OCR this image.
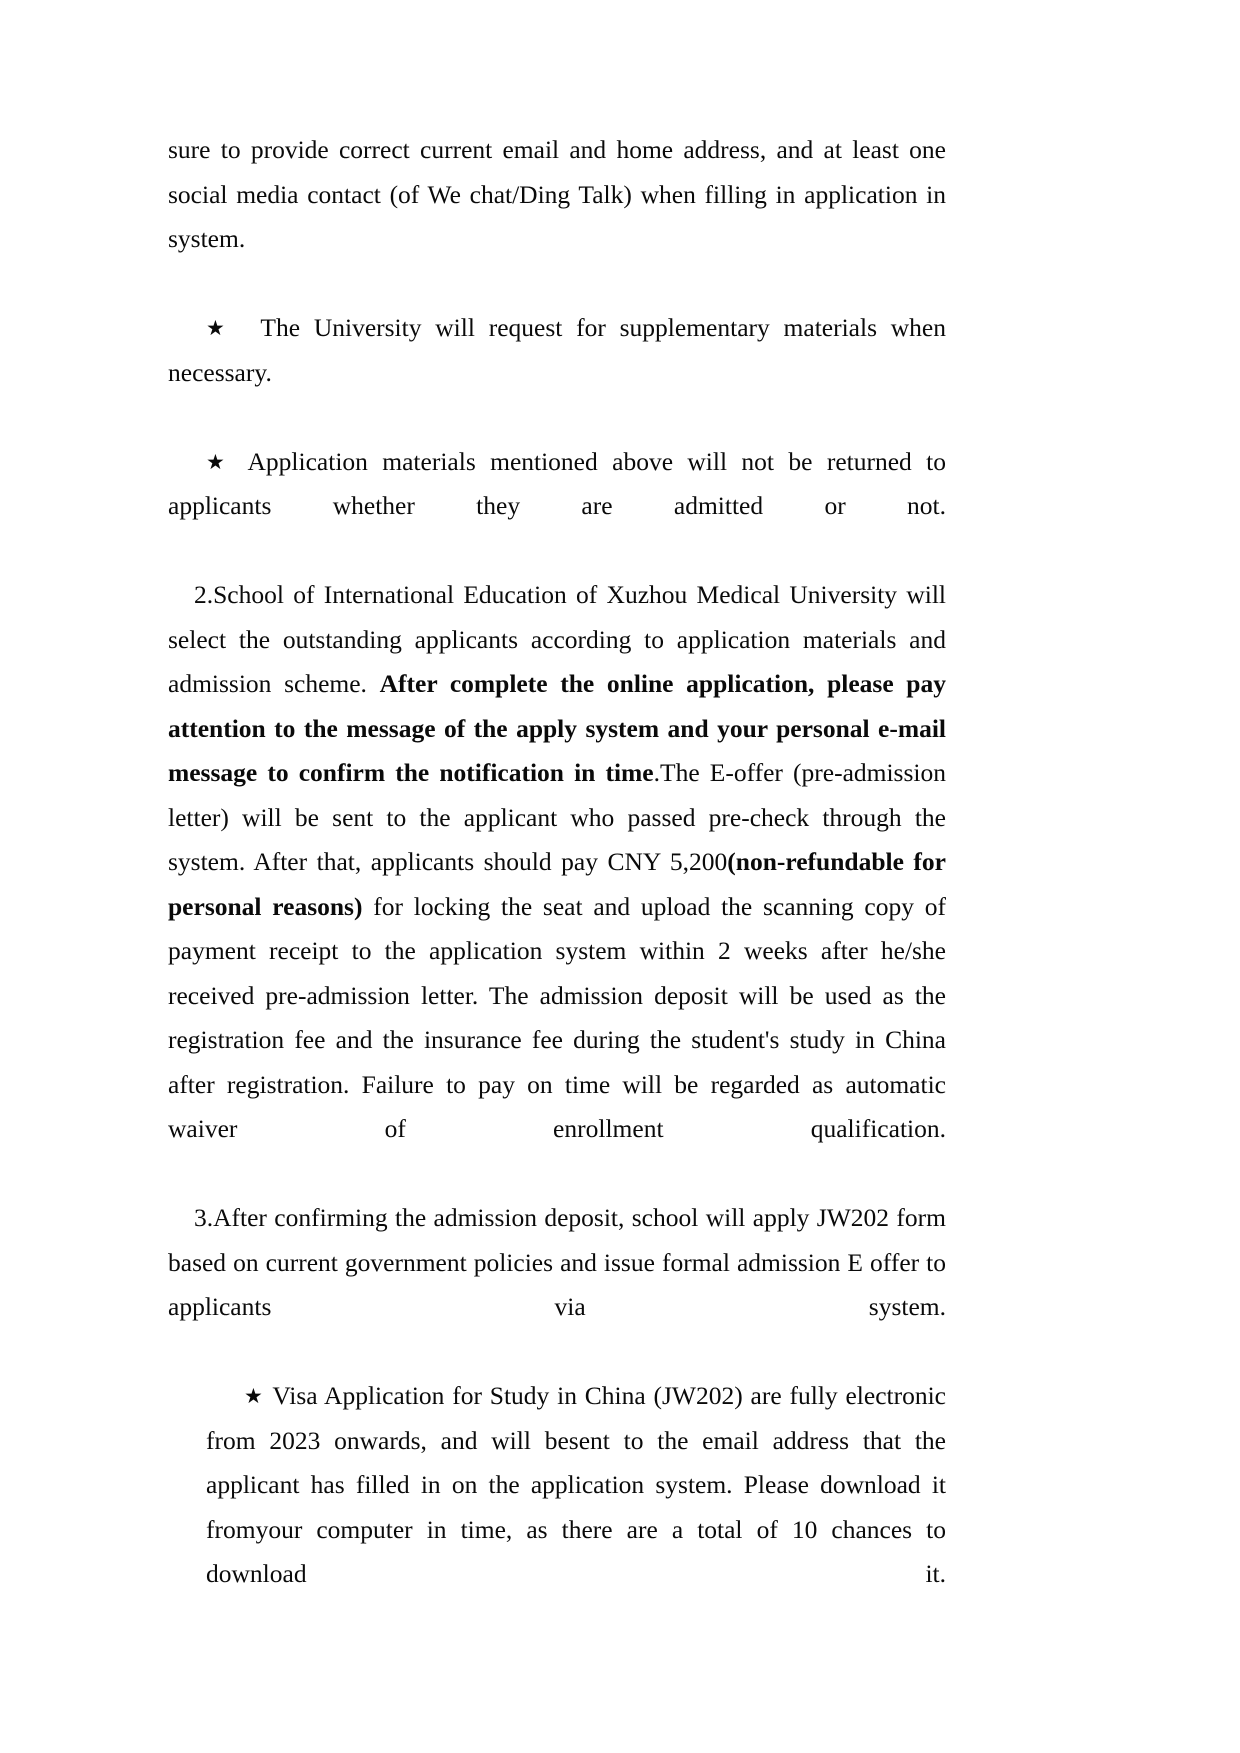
sure to provide correct current email and home address, and at least one social media contact (of We chat/Ding Talk) when filling in application in system.

★ The University will request for supplementary materials when necessary.

★ Application materials mentioned above will not be returned to applicants whether they are admitted or not.

2.School of International Education of Xuzhou Medical University will select the outstanding applicants according to application materials and admission scheme. After complete the online application, please pay attention to the message of the apply system and your personal e-mail message to confirm the notification in time.The E-offer (pre-admission letter) will be sent to the applicant who passed pre-check through the system. After that, applicants should pay CNY 5,200(non-refundable for personal reasons) for locking the seat and upload the scanning copy of payment receipt to the application system within 2 weeks after he/she received pre-admission letter. The admission deposit will be used as the registration fee and the insurance fee during the student's study in China after registration. Failure to pay on time will be regarded as automatic waiver of enrollment qualification.

3.After confirming the admission deposit, school will apply JW202 form based on current government policies and issue formal admission E offer to applicants via system.

★ Visa Application for Study in China (JW202) are fully electronic from 2023 onwards, and will besent to the email address that the applicant has filled in on the application system. Please download it fromyour computer in time, as there are a total of 10 chances to download it.
